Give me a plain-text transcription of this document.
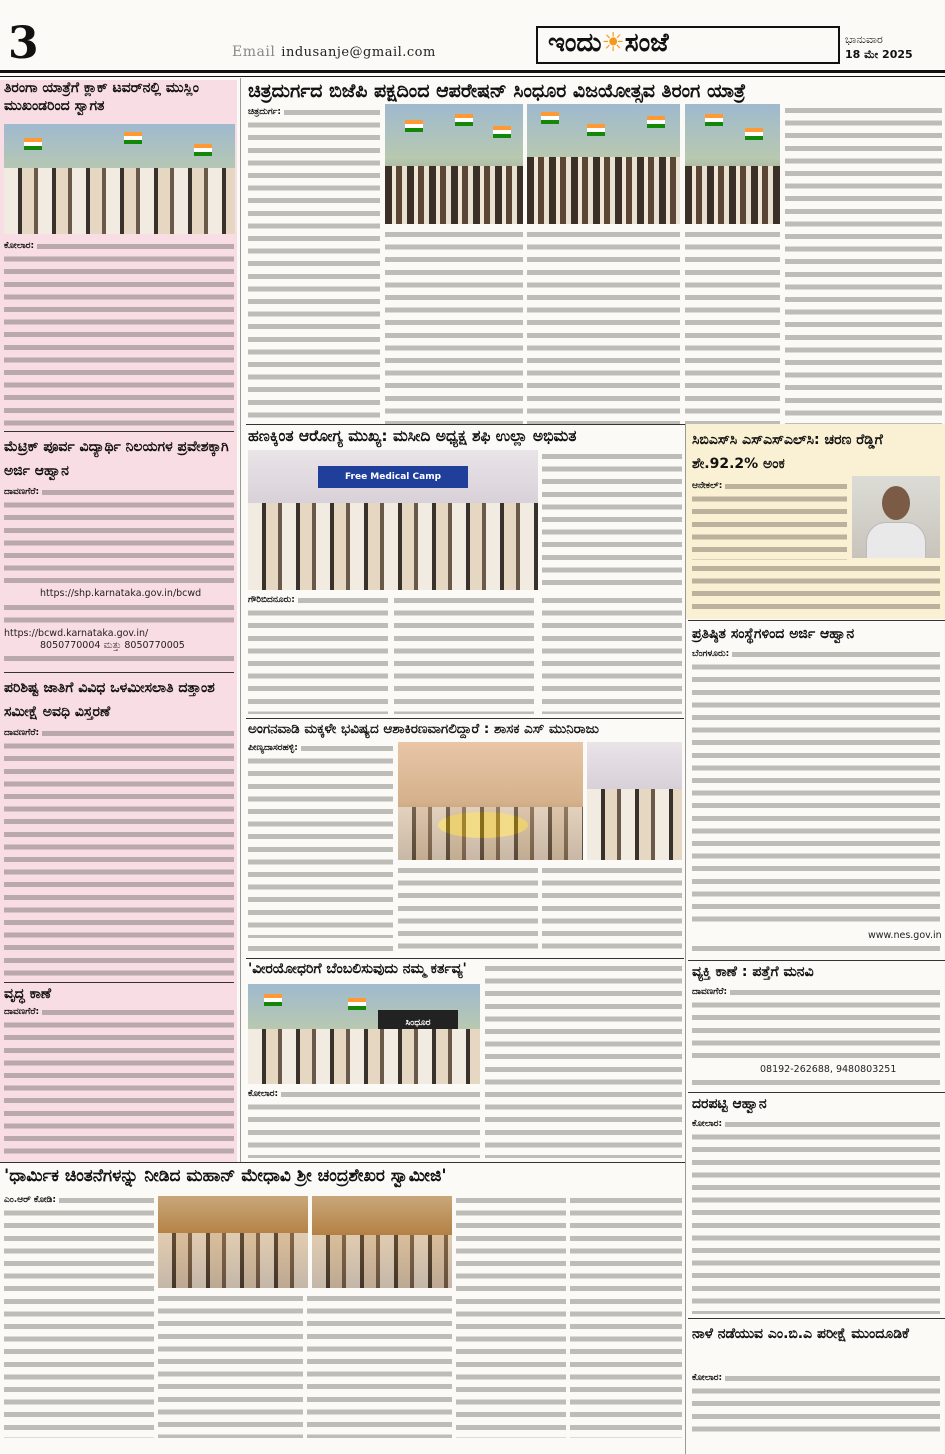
3	Email indusanje@gmail.com	ಇಂದು☀ಸಂಜೆ	ಭಾನುವಾರ
18 ಮೇ 2025
ತಿರಂಗಾ ಯಾತ್ರೆಗೆ ಕ್ಲಾಕ್ ಟವರ್‌ನಲ್ಲಿ ಮುಸ್ಲಿಂ ಮುಖಂಡರಿಂದ ಸ್ವಾಗತ
ಕೋಲಾರ:
ಮೆಟ್ರಿಕ್ ಪೂರ್ವ ವಿದ್ಯಾರ್ಥಿ ನಿಲಯಗಳ ಪ್ರವೇಶಕ್ಕಾಗಿ ಅರ್ಜಿ ಆಹ್ವಾನ
ದಾವಣಗೆರೆ:
https://shp.karnataka.gov.in/bcwd
https://bcwd.karnataka.gov.in/
8050770004 ಮತ್ತು 8050770005
ಪರಿಶಿಷ್ಟ ಜಾತಿಗೆ ವಿವಿಧ ಒಳಮೀಸಲಾತಿ ದತ್ತಾಂಶ ಸಮೀಕ್ಷೆ ಅವಧಿ ವಿಸ್ತರಣೆ
ದಾವಣಗೆರೆ:
ವೃದ್ಧ ಕಾಣೆ
ದಾವಣಗೆರೆ:
ಚಿತ್ರದುರ್ಗದ ಬಿಜೆಪಿ ಪಕ್ಷದಿಂದ ಆಪರೇಷನ್ ಸಿಂಧೂರ ವಿಜಯೋತ್ಸವ ತಿರಂಗ ಯಾತ್ರೆ
ಚಿತ್ರದುರ್ಗ:
ಹಣಕ್ಕಿಂತ ಆರೋಗ್ಯ ಮುಖ್ಯ: ಮಸೀದಿ ಅಧ್ಯಕ್ಷ ಶಫಿ ಉಲ್ಲಾ ಅಭಿಮತ
Free Medical Camp
ಗೌರಿಬಿದನೂರು:
ಸಿಬಿಎಸ್‌ಸಿ ಎಸ್‌ಎಸ್‌ಎಲ್‌ಸಿ: ಚರಣ ರೆಡ್ಡಿಗೆ ಶೇ.92.2% ಅಂಕ
ಆನೇಕಲ್:
ಅಂಗನವಾಡಿ ಮಕ್ಕಳೇ ಭವಿಷ್ಯದ ಆಶಾಕಿರಣವಾಗಲಿದ್ದಾರೆ : ಶಾಸಕ ಎಸ್ ಮುನಿರಾಜು
ಪೀಣ್ಯದಾಸರಹಳ್ಳಿ:
ಪ್ರತಿಷ್ಠಿತ ಸಂಸ್ಥೆಗಳಿಂದ ಅರ್ಜಿ ಆಹ್ವಾನ
ಬೆಂಗಳೂರು:
www.nes.gov.in
ವ್ಯಕ್ತಿ ಕಾಣೆ : ಪತ್ತೆಗೆ ಮನವಿ
ದಾವಣಗೆರೆ:
08192-262688, 9480803251
ದರಪಟ್ಟಿ ಆಹ್ವಾನ
ಕೋಲಾರ:
ನಾಳೆ ನಡೆಯುವ ಎಂ.ಬಿ.ಎ ಪರೀಕ್ಷೆ ಮುಂದೂಡಿಕೆ
ಕೋಲಾರ:
'ವೀರಯೋಧರಿಗೆ ಬೆಂಬಲಿಸುವುದು ನಮ್ಮ ಕರ್ತವ್ಯ'
ಸಿಂಧೂರ
ಕೋಲಾರ:
'ಧಾರ್ಮಿಕ ಚಿಂತನೆಗಳನ್ನು ನೀಡಿದ ಮಹಾನ್ ಮೇಧಾವಿ ಶ್ರೀ ಚಂದ್ರಶೇಖರ ಸ್ವಾಮೀಜಿ'
ಎಂ.ಆರ್ ಕೋಡಿ:
